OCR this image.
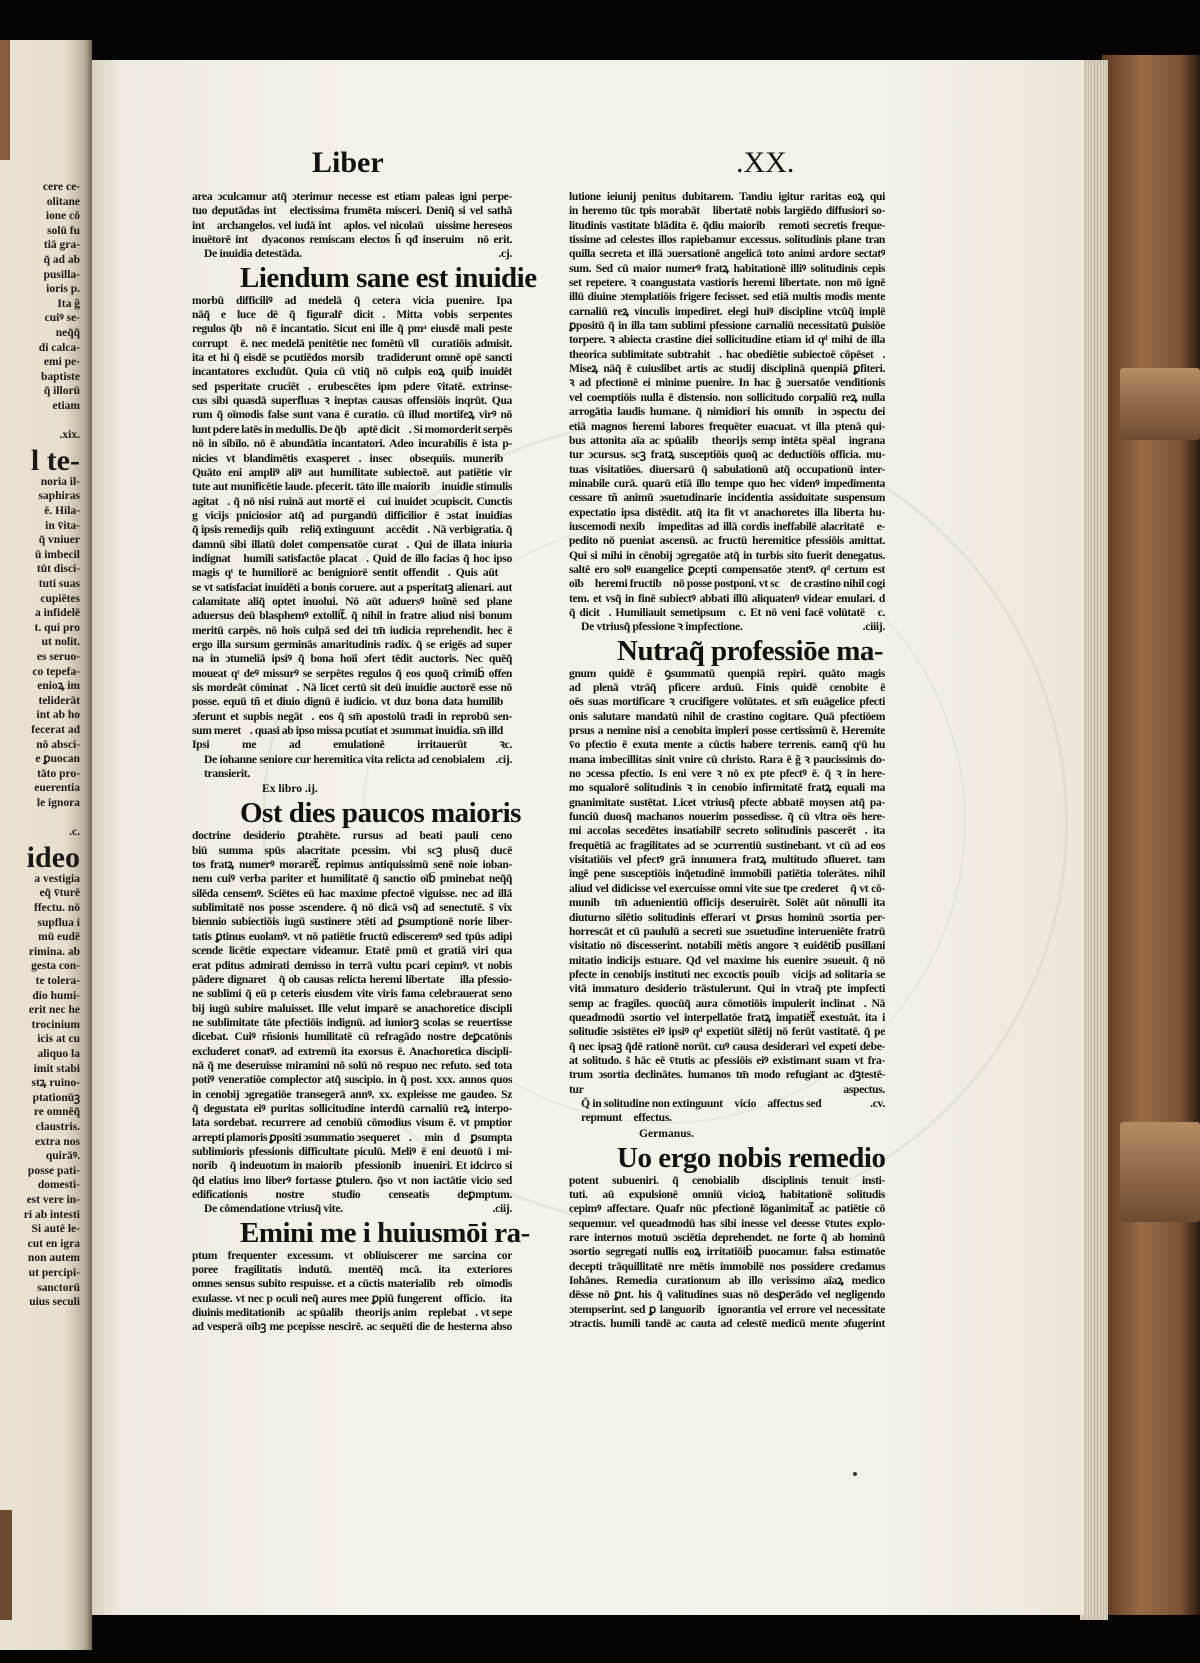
cere ce-
olitane
ione cō
solū fu
tiā gra-
q̃ ad ab
pusilla-
ioris p.
Ita g̃
cuiꝰ se-
neq̃q̃
di calca-
emi pe-
baptiste
q̃ illorū
etiam
.xix.
l te-
noria il-
saphiras
ē. Hila-
in v̄ita-
q̃ vniuer
ū imbecil
tūt disci-
tuti suas
cupiētes
a infidelē
t. qui pro
ut nolit.
es seruo-
co tepefa-
enioꝝ im
teliderāt
int ab ho
fecerat ad
nō absci-
e ꝑuocan
tāto pro-
euerentia
le ignora
.c.
ideo
a vestigia
eq̃ v̄turē
ffectu. nō
supflua i
mū eudē
rimina. ab
gesta con-
te tolera-
dio humi-
erit nec he
trocinium
icis at cu
aliquo la
imit stabi
stꝝ ruino-
ptationūꝫ
re omnēq̃
claustris.
extra nos
quirāꝰ.
posse pati-
domesti-
est vere in-
ri ab intesti
Si autē le-
cut en igra
non autem
ut percipi-
sanctorū
uius seculi
Liber	.XX.
area ↄculcamur atq̃ ↄterimur necesse est etiam paleas igni perpe-
tuo deputādas int᷑ electissima frumēta misceri. Deniq̃ si vel sathā
int᷑ archangelos. vel iudā int᷑ aplos. vel nicolaū ꝑuissime hereseos
inuētorē int᷑ dyaconos remiscam electos h̃ qđ inseruimꝰ nō erit.
De inuidia detestāda.	.cj.
Liendum sane est inuidie
morbū difficiliꝰ ad medelā q̃ cetera vicia puenire. Ipa
nāq̃ e luce dē q̃ figuralr̃ dicit᷑. Mitta vobis serpentes
regulos q̃b᷑ nō ē incantatio. Sicut eni ille q̃ pmᵃ eiusdē mali peste
corrupt᷑ ē. nec medelā penitētie nec fomētū vllꝰ curatiōis admisit.
ita et hi q̃ eisdē se pcutiēdos morsib᷑ tradiderunt omnē opē sancti
incantatores excludūt. Quia cū vtiq̃ nō culpis eoꝝ quib᷑ inuidēt
sed psperitate cruciēt᷑. erubescētes ipm pdere v̄itatē. extrinse-
cus sibi quasdā superfluas ꝛ ineptas causas offensiōis inqrūt. Qua
rum q̃ oīmodis false sunt vana ē curatio. cū illud mortifeꝝ virꝰ nō
lunt pdere latēs in medullis. De q̃b᷑ aptē dicit᷑. Si momorderit serpēs
nō in sibilo. nō ē abundātia incantatori. Adeo incurabilis ē ista p-
nicies vt blandimētis exasperet᷑. insecꝰ obsequiis. munerib᷑
Quāto eni ampliꝰ aliꝰ aut humilitate subiectoē. aut patiētie vir
tute aut munificētie laude. pfecerit. tāto ille maiorib᷑ inuidie stimulis
agitat᷑. q̃ nō nisi ruinā aut mortē eiꝰ cui inuidet ↄcupiscit. Cunctis
g vicijs pniciosior atq̃ ad purgandū difficilior ē ↄstat inuidias
q̃ ipsis remedijs quib᷑ reliq̃ extinguunt᷑ accēdit᷑. Nā verbigratia. q̃
damnū sibi illatū dolet compensatōe curat᷑. Qui de illata iniuria
indignat᷑ humili satisfactōe placat᷑. Quid de illo facias q̃ hoc ipso
magis qᵗ te humiliorē ac benigniorē sentit offendit᷑. Quis aūt ꝑ
se vt satisfaciat inuidēti a bonis coruere. aut a psperitatꝫ alienari. aut
calamitate aliq̃ optet inuolui. Nō aūt aduersꝰ hoīnē sed plane
aduersus deū blasphemꝰ extollit᷑. q̃ nihil in fratre aliud nisi bonum
meritū carpēs. nō hoīs culpā sed dei tm̄ iudicia reprehendit. hec ē
ergo illa sursum germinās amaritudinis radix. q̃ se erigēs ad super
na in ↄtumeliā ipsiꝰ q̃ bona hoīi ↄfert tēdit auctoris. Nec quēq̃
moueat qᵗ deꝰ missurꝰ se serpētes regulos q̃ eos quoq̃ crimib᷑ offen
sis mordeāt cōminat᷑. Nā licet certū sit deū inuidie auctorē esse nō
posse. equū tñ et diuio dignū ē iudicio. vt duz bona data humilib᷑
ↄferunt et supbis negāt᷑. eos q̃ sm̄ apostolū tradi in reprobū sen-
sum meret᷑. quasi ab ipso missa pcutiat et ↄsummat inuidia. sm̄ illd᷑
Ipsi me ad emulationē irritauerūt ꝛc.
De iohanne seniore cur heremitica vita relicta ad cenobialem transierit.
.cij.
Ex libro .ij.
Ost dies paucos maioris
doctrine desiderio ꝑtrahēte. rursus ad beati pauli ceno
biū summa spūs alacritate pcessim. vbi scꝫ plusq̃ ducē
tos fratꝝ numerꝰ morarēt᷑. repimus antiquissimū senē noie ioban-
nem cuiꝰ verba pariter et humilitatē q̃ sanctio oīb᷑ pminebat neq̃q̃
silēda censemꝰ. Sciētes eū hac maxime pfectoē viguisse. nec ad illā
sublimitatē nos posse ↄscendere. q̃ nō dicā vsq̃ ad senectutē. s̃ vix
biennio subiectiōis iugū sustinere ↄtēti ad ꝑsumptionē norie liber-
tatis ꝑtinus euolamꝰ. vt nō patiētie fructū edisceremꝰ sed tpūs adipi
scende licētie expectare videamur. Etatē pmū et gratiā viri qua
erat pditus admirati demisso in terrā vultu pcari cepimꝰ. vt nobis
pādere dignaret᷑ q̃ ob causas relicta heremi libertate ꝛ illa pfessio-
ne sublimi q̃ eū p ceteris eiusdem vite viris fama celebrauerat seno
bij iugū subire maluisset. Ille velut imparē se anachoretice discipli
ne sublimitate tāte pfectiōis indignū. ad iuniorꝫ scolas se reuertisse
dicebat. Cuiꝰ rñsionis humilitatē cū refragādo nostre deꝑcatōnis
excluderet conatꝰ. ad extremū ita exorsus ē. Anachoretica discipli-
nā q̃ me deseruisse miramini nō solū nō respuo nec refuto. sed tota
potiꝰ veneratiōe complector atq̃ suscipio. in q̃ post. xxx. annos quos
in cenobij ↄgregatiōe transegerā annꝰ. xx. expleisse me gaudeo. Sz
q̃ degustata eiꝰ puritas sollicitudine interdū carnaliū reꝝ interpo-
lata sordebat. recurrere ad cenobiū cōmodius visum ē. vt pmptior
arrepti plamoris ꝑpositi ↄsummatio ↄsequeret᷑. ꝛ minꝰ dꝰ ꝑsumpta
sublimioris pfessionis difficultate piculū. Meliꝰ ē eni deuotū i mi-
norib᷑ q̃ indeuotum in maiorib᷑ pfessionib᷑ inueniri. Et idcirco si
q̃d elatius imo liberꝰ fortasse ꝑtulero. q̃so vt non iactātie vicio sed
edificationis nostre studio censeatis deꝑmptum.
De cōmendatione vtriusq̃ vite.	.ciij.
Emini me i huiusmōi ra-
ptum frequenter excessum. vt obliuiscerer me sarcina cor
poree fragilitatis indutū. mentēq̃ mcā. ita exteriores
omnes sensus subito respuisse. et a cūctis materialib᷑ reb᷑ oīmodis
exulasse. vt nec p oculi neq̃ aures mee ꝑpiū fungerent᷑ officio. ꝛ ita
diuinis meditationib᷑ ac spūalib᷑ theorijs animꝰ replebat᷑. vt sepe
ad vesperā oībꝫ me pcepisse nescirē. ac sequēti die de hesterna abso
lutione ieiunij penitus dubitarem. Tandiu igitur raritas eoꝝ qui
in heremo tūc tpis morabāt᷑ libertatē nobis largiēdo diffusiori so-
litudinis vastitate blādita ē. q̃diu maiorib᷑ remoti secretis freque-
tissime ad celestes illos rapiebamur excessus. solitudinis plane tran
quilla secreta et illā ↄuersationē angelicā toto animi ardore sectatꝰ
sum. Sed cū maior numerꝰ fratꝝ habitationē illiꝰ solitudinis cepis
set repetere. ꝛ coangustata vastioris heremi libertate. non mō ignē
illū diuine ↄtemplatiōis frigere fecisset. sed etiā multis modis mente
carnaliū reꝝ vinculis impediret. elegi huiꝰ discipline vtcūq̃ implē
ꝑpositū q̃ in illa tam sublimi pfessione carnaliū necessitatū ꝑuisiōe
torpere. ꝛ abiecta crastine diei sollicitudine etiam id qᵈ mihi de illa
theorica sublimitate subtrahit᷑. hac obediētie subiectoē cōpēset᷑.
Miseꝝ nāq̃ ē cuiuslibet artis ac studij disciplinā quenpiā ꝑfiteri.
ꝛ ad pfectionē ei minime puenire. In hac g̃ ↄuersatōe venditionis
vel coemptiōis nulla ē distensio. non sollicitudo corpaliū reꝝ nulla
arrogātia laudis humane. q̃ nimidiori his omnib᷑ in ↄspectu dei
etiā magnos heremi labores frequēter euacuat. vt illa ptenā qui-
bus attonita aīa ac spūalib᷑ theorijs semp intēta spēalꝰ ingrana
tur ↄcursus. scꝫ fratꝝ susceptiōis quoq̃ ac deductiōis officia. mu-
tuas visitatiōes. diuersarū q̃ sabulationū atq̃ occupationū inter-
minabile curā. quarū etiā illo tempe quo hec videnꝰ impedimenta
cessare tñ animū ↄsuetudinarie incidentia assiduitate suspensum
expectatio ipsa distēdit. atq̃ ita fit vt anachoretes illa liberta hu-
iuscemodi nexib᷑ impeditas ad illā cordis ineffabilē alacritatē ꝑe-
pedito nō pueniat ascensū. ac fructū heremitice pfessiōis amittat.
Qui si mihi in cēnobij ↄgregatōe atq̃ in turbis sito fuerit denegatus.
saltē ero solꝰ euangelice ꝑcepti compensatōe ↄtentꝰ. qᵈ certum est
oīb᷑ heremi fructib᷑ nō posse postponi. vt scꝫ de crastino nihil cogi
tem. et vsq̃ in finē subiectꝰ abbati illū aliquatenꝰ videar emulari. d
q̃ dicit᷑. Humiliauit semetipsum ꝛc. Et nō veni facē volūtatē ꝛc.
De vtriusq̃ pfessione ꝛ impfectione.	.ciiij.
Nutraq̃ professiōe ma-
gnum quidē ē ꝯsummatū quenpiā repiri. quāto magis
ad plenā vtrāq̃ pficere arduū. Finis quidē cenobite ē
oēs suas mortificare ꝛ crucifigere volūtates. et sm̄ euāgelice pfecti
onis salutare mandatū nihil de crastino cogitare. Quā pfectiōem
prsus a nemine nisi a cenobita impleri posse certissimū ē. Heremite
v̄o pfectio ē exuta mente a cūctis habere terrenis. eamq̃ qᵗū hu
mana imbecillitas sinit vnire cū christo. Rara ē g̃ ꝛ paucissimis do-
no ↄcessa pfectio. Is eni vere ꝛ nō ex pte pfectꝰ ē. q̃ ꝛ in here-
mo squalorē solitudinis ꝛ in cenobio infirmitatē fratꝝ equali ma
gnanimitate sustētat. Licet vtriusq̃ pfecte abbatē moysen atq̃ pa-
funciū duosq̃ machanos nouerim possedisse. q̃ cū vltra oēs here-
mi accolas secedētes insatiabilr̃ secreto solitudinis pascerēt᷑. ita
frequētiā ac fragilitates ad se ↄcurrentiū sustinebant. vt cū ad eos
visitatiōis vel pfectꝰ grā innumera fratꝝ multitudo ↄflueret. tam
ingē pene susceptiōis inq̃etudinē immobili patiētia tolerātes. nihil
aliud vel didicisse vel exercuisse omni vite sue tpe crederet᷑ q̃ vt cō-
munib᷑ tm̄ aduenientiū officijs deseruirēt. Solēt aūt nōnulli ita
diuturno silētio solitudinis efferari vt ꝑrsus hominū ↄsortia per-
horrescāt et cū paululū a secreti sue ↄsuetudine interueniēte fratrū
visitatio nō discesserint. notabili mētis angore ꝛ euidētib᷑ pusillani
mitatio indicijs estuare. Qđ vel maxime his euenire ↄsueuit. q̃ nō
pfecte in cenobijs instituti nec excoctis pouib᷑ vicijs ad solitaria se
vitā immaturo desiderio trāstulerunt. Qui in vtraq̃ pte impfecti
semp ac fragiles. quocūq̃ aura cōmotiōis impulerit inclinat᷑. Nā
queadmodū ↄsortio vel interpellatōe fratꝝ impatiēt᷑ exestuāt. ita i
solitudie ↄsistētes eiꝰ ipsiꝰ qᵈ expetiūt silētij nō ferūt vastitatē. q̃ pe
q̃ nec ipsaꝫ q̃dē rationē norūt. cuꝰ causa desiderari vel expeti debe-
at solitudo. s̃ hāc eē v̄tutis ac pfessiōis eiꝰ existimant suam vt fra-
trum ↄsortia declinātes. humanos tm̄ modo refugiant ac dꝫtestē-
tur aspectus.
Q̄ in solitudine non extinguunt᷑ vicioꝝ affectus sed repmunt᷑ effectus.
.cv.
Germanus.
Uo ergo nobis remedio
potent subueniri. q̃ cenobialib᷑ disciplinis tenuit insti-
tuti. aū expulsionē omniū vicioꝝ habitationē solitudis
cepimꝰ affectare. Quafr nūc pfectionē lōganimitat᷑ ac patiētie cō
sequemur. vel queadmodū has sibi inesse vel deesse v̄tutes explo-
rare internos motuū ↄsciētia deprehendet. ne forte q̃ ab hominū
ↄsortio segregati nullis eoꝝ irritatiōib᷑ puocamur. falsa estimatōe
decepti trāquillitatē nre mētis immobilē nos possidere credamus
Iohānes. Remedia curationum ab illo verissimo aīaꝝ medico
dēsse nō ꝑnt. his q̃ valitudines suas nō desꝑerādo vel negligendo
ↄtempserint. sed ꝑ languorib᷑ ignorantia vel errore vel necessitate
ↄtractis. humili tandē ac cauta ad celestē medicū mente ↄfugerint
